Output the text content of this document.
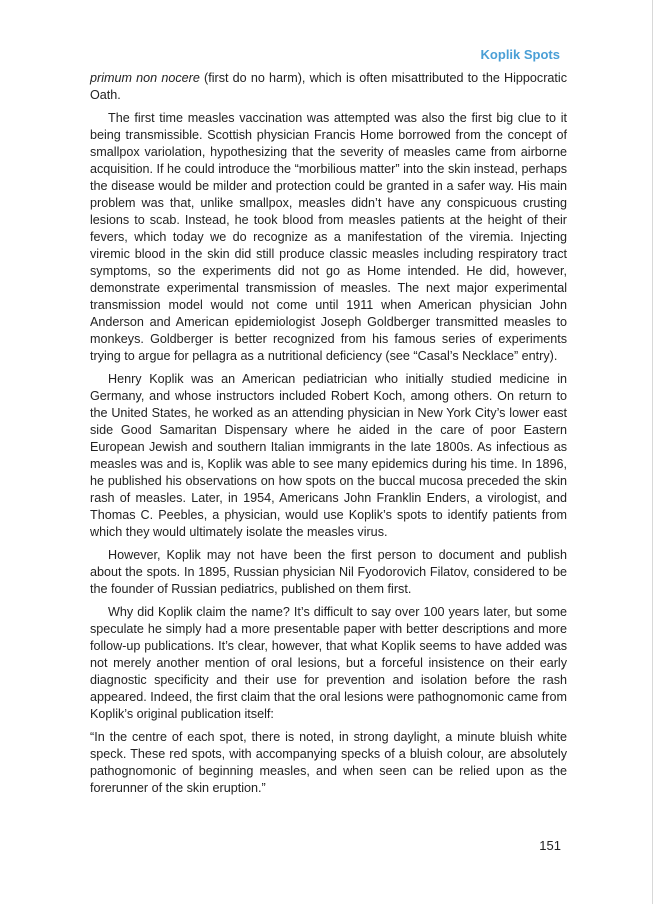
Koplik Spots

primum non nocere (first do no harm), which is often misattributed to the Hippocratic Oath.

The first time measles vaccination was attempted was also the first big clue to it being transmissible. Scottish physician Francis Home borrowed from the concept of smallpox variolation, hypothesizing that the severity of measles came from airborne acquisition. If he could introduce the “morbilious matter” into the skin instead, perhaps the disease would be milder and protection could be granted in a safer way. His main problem was that, unlike smallpox, measles didn’t have any conspicuous crusting lesions to scab. Instead, he took blood from measles patients at the height of their fevers, which today we do recognize as a manifestation of the viremia. Injecting viremic blood in the skin did still produce classic measles including respiratory tract symptoms, so the experiments did not go as Home intended. He did, however, demonstrate experimental transmission of measles. The next major experimental transmission model would not come until 1911 when American physician John Anderson and American epidemiologist Joseph Goldberger transmitted measles to monkeys. Goldberger is better recognized from his famous series of experiments trying to argue for pellagra as a nutritional deficiency (see “Casal’s Necklace” entry).

Henry Koplik was an American pediatrician who initially studied medicine in Germany, and whose instructors included Robert Koch, among others. On return to the United States, he worked as an attending physician in New York City’s lower east side Good Samaritan Dispensary where he aided in the care of poor Eastern European Jewish and southern Italian immigrants in the late 1800s. As infectious as measles was and is, Koplik was able to see many epidemics during his time. In 1896, he published his observations on how spots on the buccal mucosa preceded the skin rash of measles. Later, in 1954, Americans John Franklin Enders, a virologist, and Thomas C. Peebles, a physician, would use Koplik’s spots to identify patients from which they would ultimately isolate the measles virus.

However, Koplik may not have been the first person to document and publish about the spots. In 1895, Russian physician Nil Fyodorovich Filatov, considered to be the founder of Russian pediatrics, published on them first.

Why did Koplik claim the name? It’s difficult to say over 100 years later, but some speculate he simply had a more presentable paper with better descriptions and more follow-up publications. It’s clear, however, that what Koplik seems to have added was not merely another mention of oral lesions, but a forceful insistence on their early diagnostic specificity and their use for prevention and isolation before the rash appeared. Indeed, the first claim that the oral lesions were pathognomonic came from Koplik’s original publication itself:

“In the centre of each spot, there is noted, in strong daylight, a minute bluish white speck. These red spots, with accompanying specks of a bluish colour, are absolutely pathognomonic of beginning measles, and when seen can be relied upon as the forerunner of the skin eruption.”

151
